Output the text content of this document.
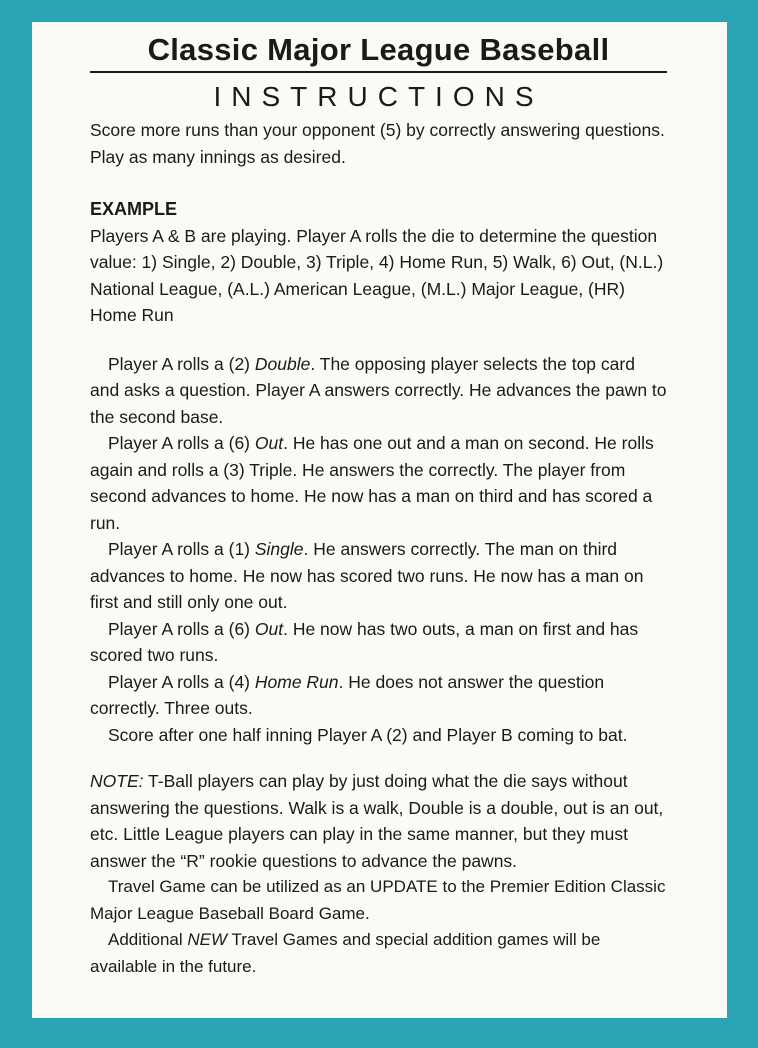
Classic Major League Baseball
INSTRUCTIONS

Score more runs than your opponent (5) by correctly answering questions. Play as many innings as desired.

EXAMPLE

Players A & B are playing. Player A rolls the die to determine the question value: 1) Single, 2) Double, 3) Triple, 4) Home Run, 5) Walk, 6) Out, (N.L.) National League, (A.L.) American League, (M.L.) Major League, (HR) Home Run

Player A rolls a (2) Double. The opposing player selects the top card and asks a question. Player A answers correctly. He advances the pawn to the second base.

Player A rolls a (6) Out. He has one out and a man on second. He rolls again and rolls a (3) Triple. He answers the correctly. The player from second advances to home. He now has a man on third and has scored a run.

Player A rolls a (1) Single. He answers correctly. The man on third advances to home. He now has scored two runs. He now has a man on first and still only one out.

Player A rolls a (6) Out. He now has two outs, a man on first and has scored two runs.

Player A rolls a (4) Home Run. He does not answer the question correctly. Three outs.

Score after one half inning Player A (2) and Player B coming to bat.

NOTE: T-Ball players can play by just doing what the die says without answering the questions. Walk is a walk, Double is a double, out is an out, etc. Little League players can play in the same manner, but they must answer the “R” rookie questions to advance the pawns.

Travel Game can be utilized as an UPDATE to the Premier Edition Classic Major League Baseball Board Game.

Additional NEW Travel Games and special addition games will be available in the future.
